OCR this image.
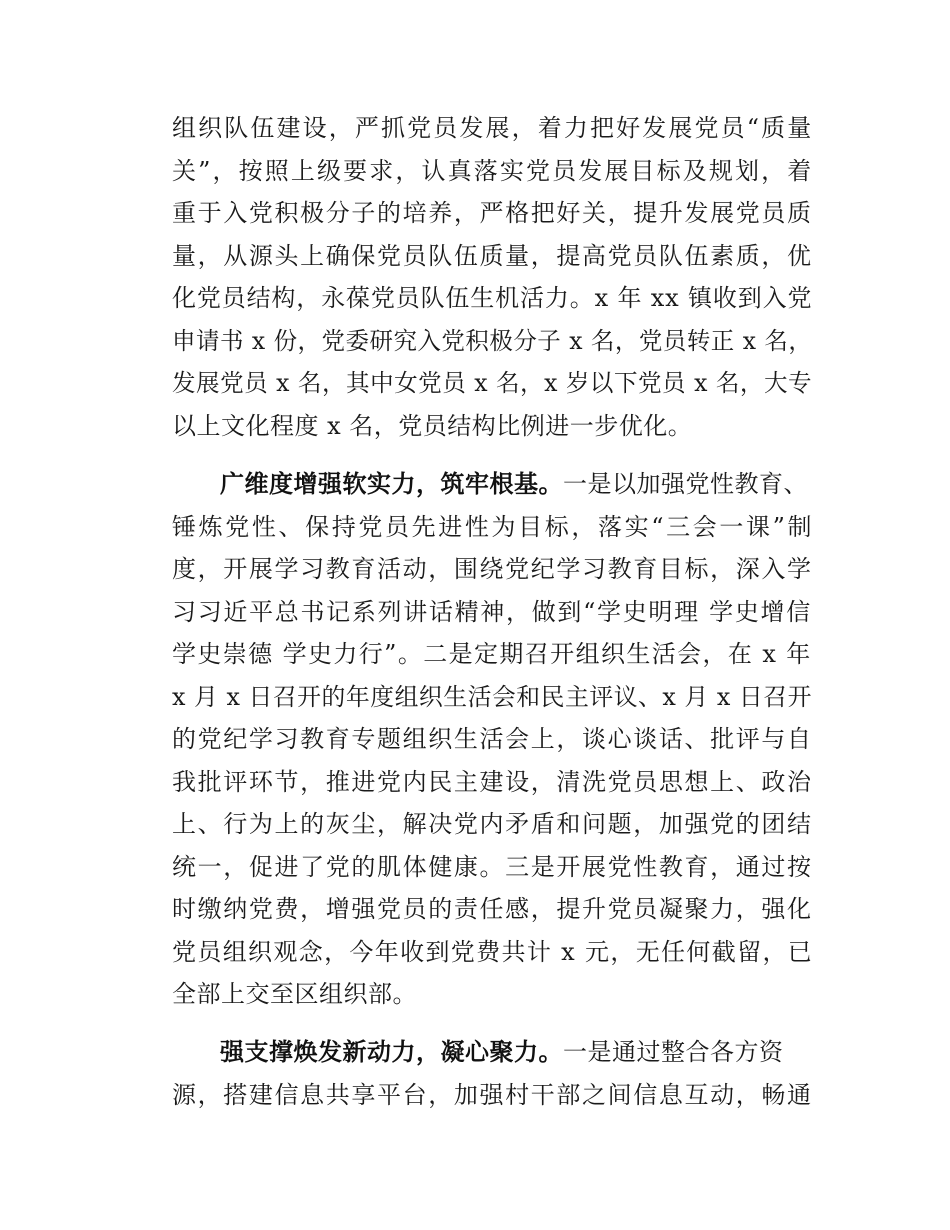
组织队伍建设，严抓党员发展，着力把好发展党员“质量
关”，按照上级要求，认真落实党员发展目标及规划，着
重于入党积极分子的培养，严格把好关，提升发展党员质
量，从源头上确保党员队伍质量，提高党员队伍素质，优
化党员结构，永葆党员队伍生机活力。x 年 xx 镇收到入党
申请书 x 份，党委研究入党积极分子 x 名，党员转正 x 名，
发展党员 x 名，其中女党员 x 名，x 岁以下党员 x 名，大专
以上文化程度 x 名，党员结构比例进一步优化。
广维度增强软实力，筑牢根基。 一是以加强党性教育、
锤炼党性、保持党员先进性为目标，落实“三会一课”制
度，开展学习教育活动，围绕党纪学习教育目标，深入学
习习近平总书记系列讲话精神，做到“学史明理 学史增信
学史崇德 学史力行”。二是定期召开组织生活会，在 x 年
x 月 x 日召开的年度组织生活会和民主评议、x 月 x 日召开
的党纪学习教育专题组织生活会上，谈心谈话、批评与自
我批评环节，推进党内民主建设，清洗党员思想上、政治
上、行为上的灰尘，解决党内矛盾和问题，加强党的团结
统一，促进了党的肌体健康。三是开展党性教育，通过按
时缴纳党费，增强党员的责任感，提升党员凝聚力，强化
党员组织观念，今年收到党费共计 x 元，无任何截留，已
全部上交至区组织部。
强支撑焕发新动力，凝心聚力。 一是通过整合各方资
源，搭建信息共享平台，加强村干部之间信息互动，畅通
